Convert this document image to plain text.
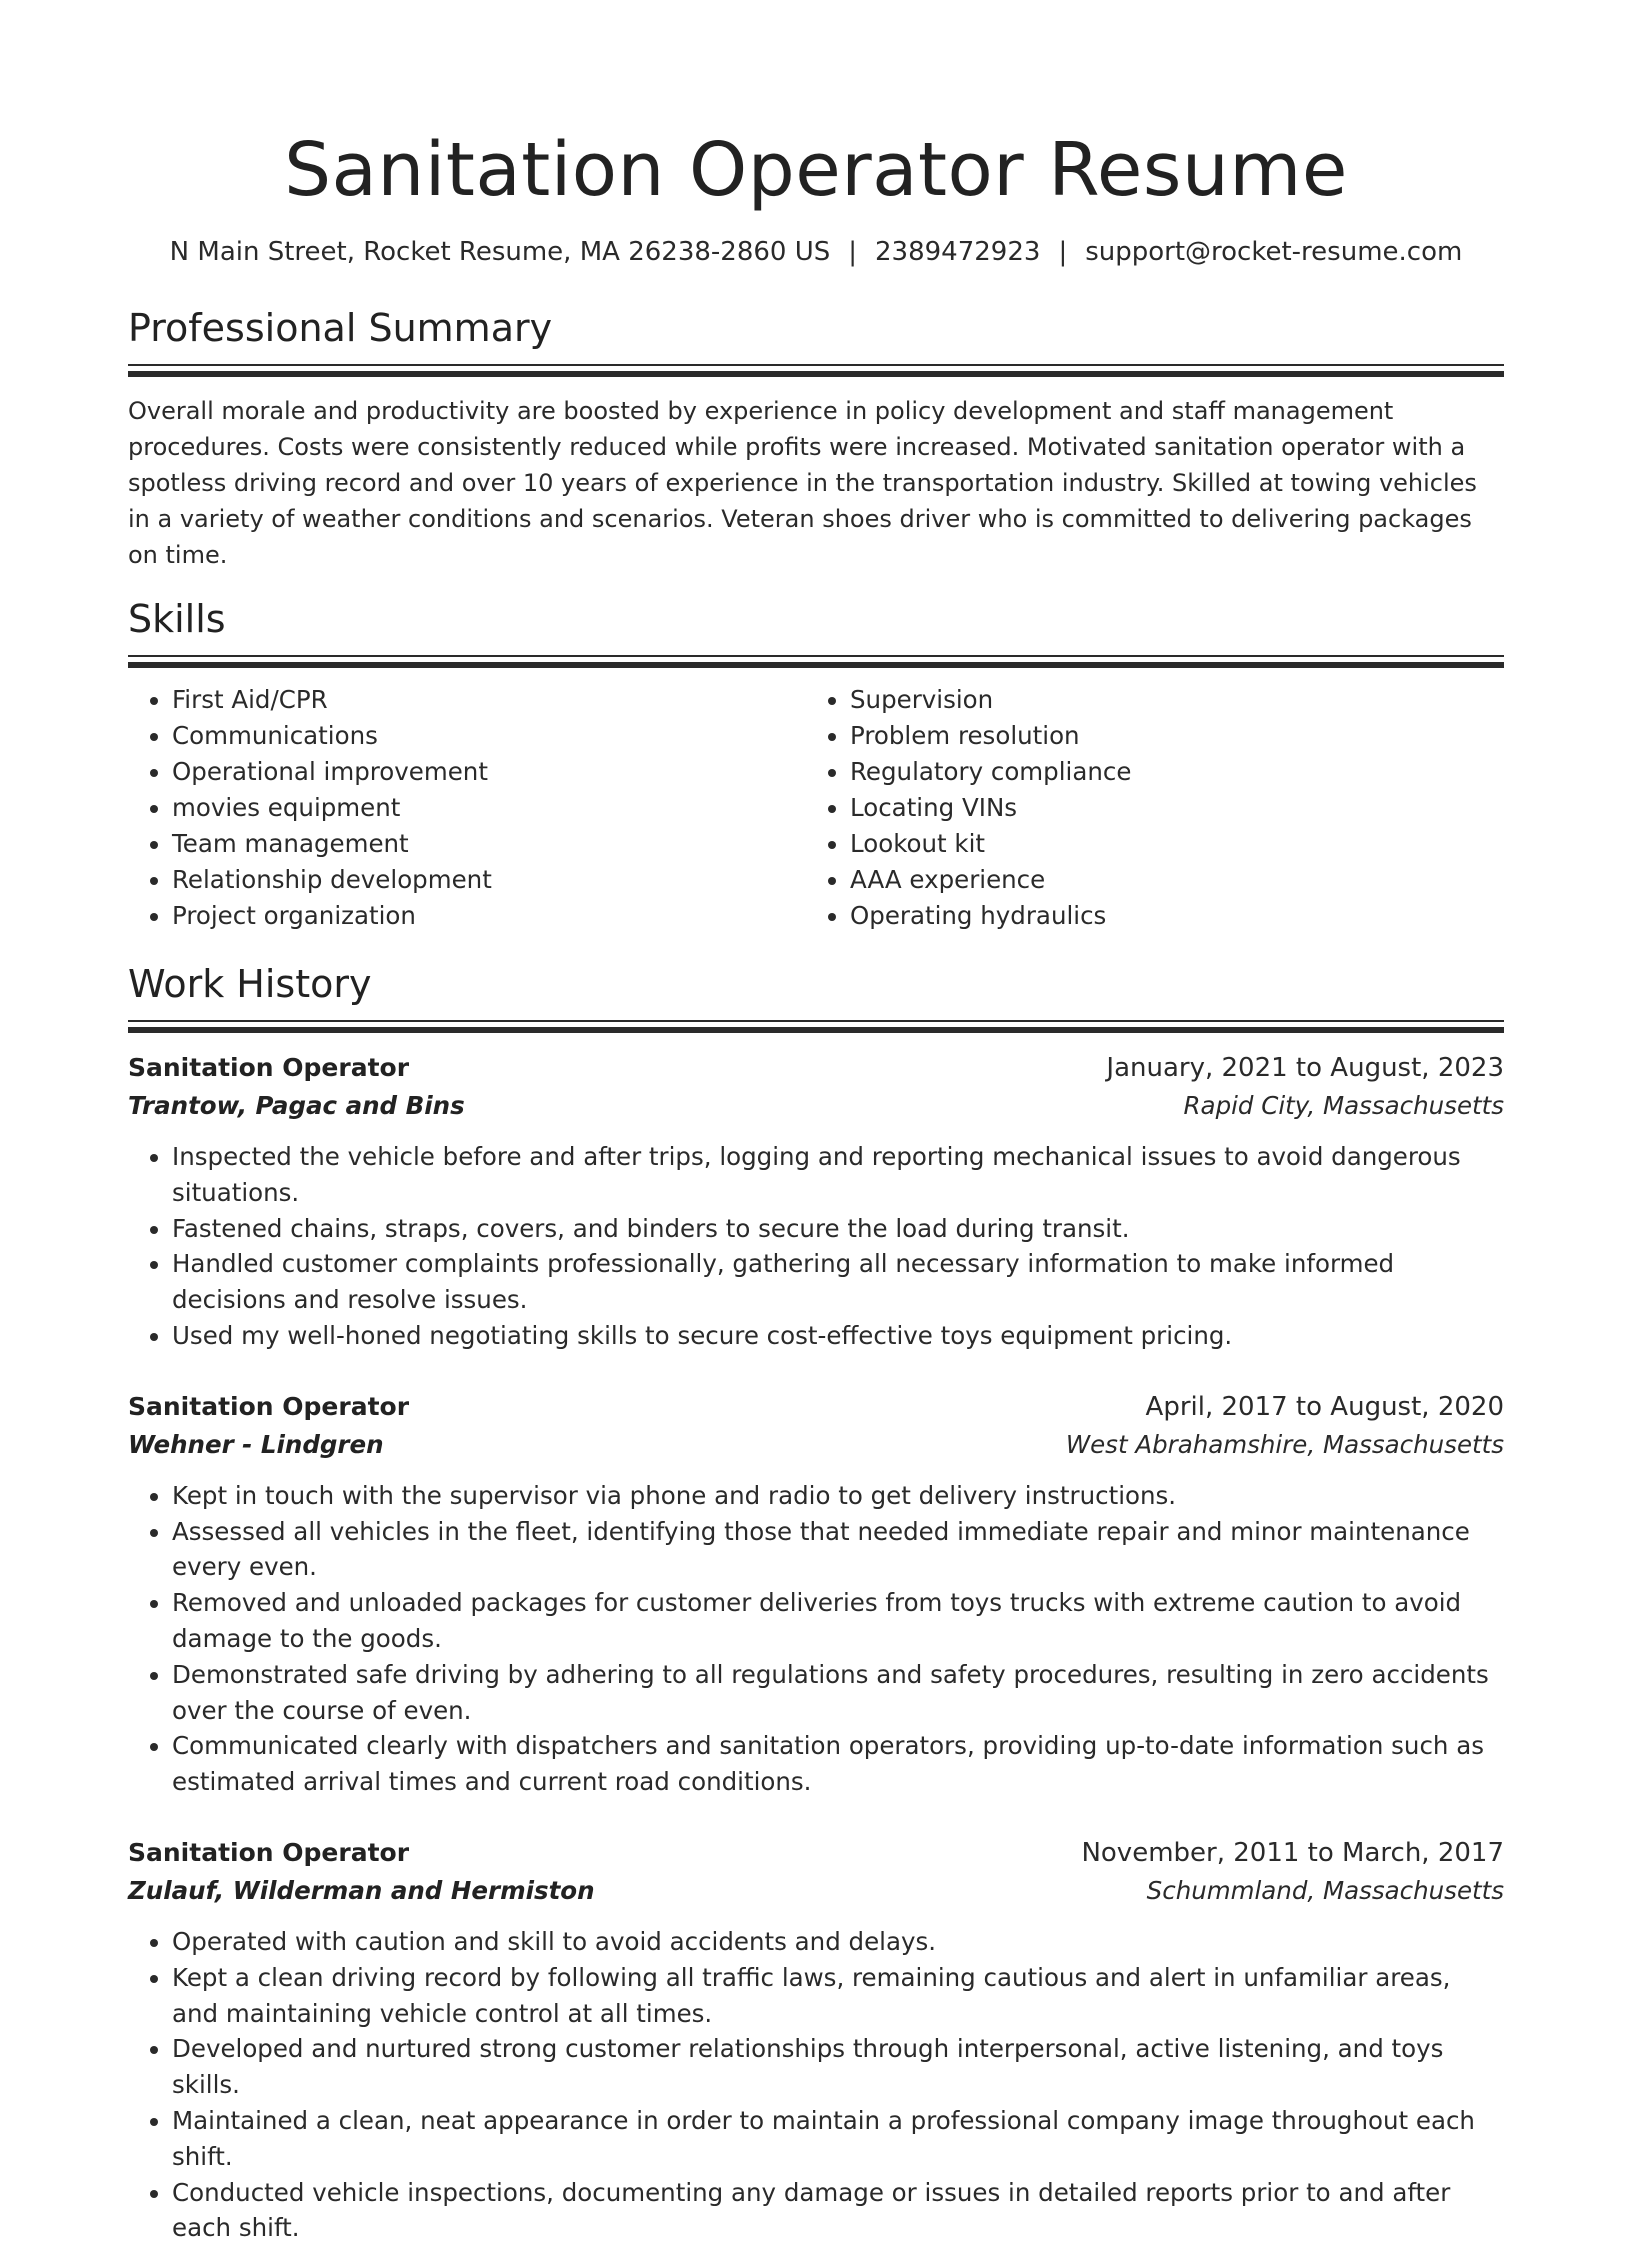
Sanitation Operator Resume
N Main Street, Rocket Resume, MA 26238-2860 US | 2389472923 | support@rocket-resume.com
Professional Summary

Overall morale and productivity are boosted by experience in policy development and staff management procedures. Costs were consistently reduced while profits were increased. Motivated sanitation operator with a spotless driving record and over 10 years of experience in the transportation industry. Skilled at towing vehicles in a variety of weather conditions and scenarios. Veteran shoes driver who is committed to delivering packages on time.

Skills
• First Aid/CPR
• Communications
• Operational improvement
• movies equipment
• Team management
• Relationship development
• Project organization
• Supervision
• Problem resolution
• Regulatory compliance
• Locating VINs
• Lookout kit
• AAA experience
• Operating hydraulics
Work History
Sanitation Operator	January, 2021 to August, 2023
Trantow, Pagac and Bins	Rapid City, Massachusetts
• Inspected the vehicle before and after trips, logging and reporting mechanical issues to avoid dangerous situations.
• Fastened chains, straps, covers, and binders to secure the load during transit.
• Handled customer complaints professionally, gathering all necessary information to make informed decisions and resolve issues.
• Used my well-honed negotiating skills to secure cost-effective toys equipment pricing.
Sanitation Operator	April, 2017 to August, 2020
Wehner - Lindgren	West Abrahamshire, Massachusetts
• Kept in touch with the supervisor via phone and radio to get delivery instructions.
• Assessed all vehicles in the fleet, identifying those that needed immediate repair and minor maintenance every even.
• Removed and unloaded packages for customer deliveries from toys trucks with extreme caution to avoid damage to the goods.
• Demonstrated safe driving by adhering to all regulations and safety procedures, resulting in zero accidents over the course of even.
• Communicated clearly with dispatchers and sanitation operators, providing up-to-date information such as estimated arrival times and current road conditions.
Sanitation Operator	November, 2011 to March, 2017
Zulauf, Wilderman and Hermiston	Schummland, Massachusetts
• Operated with caution and skill to avoid accidents and delays.
• Kept a clean driving record by following all traffic laws, remaining cautious and alert in unfamiliar areas, and maintaining vehicle control at all times.
• Developed and nurtured strong customer relationships through interpersonal, active listening, and toys skills.
• Maintained a clean, neat appearance in order to maintain a professional company image throughout each shift.
• Conducted vehicle inspections, documenting any damage or issues in detailed reports prior to and after each shift.
